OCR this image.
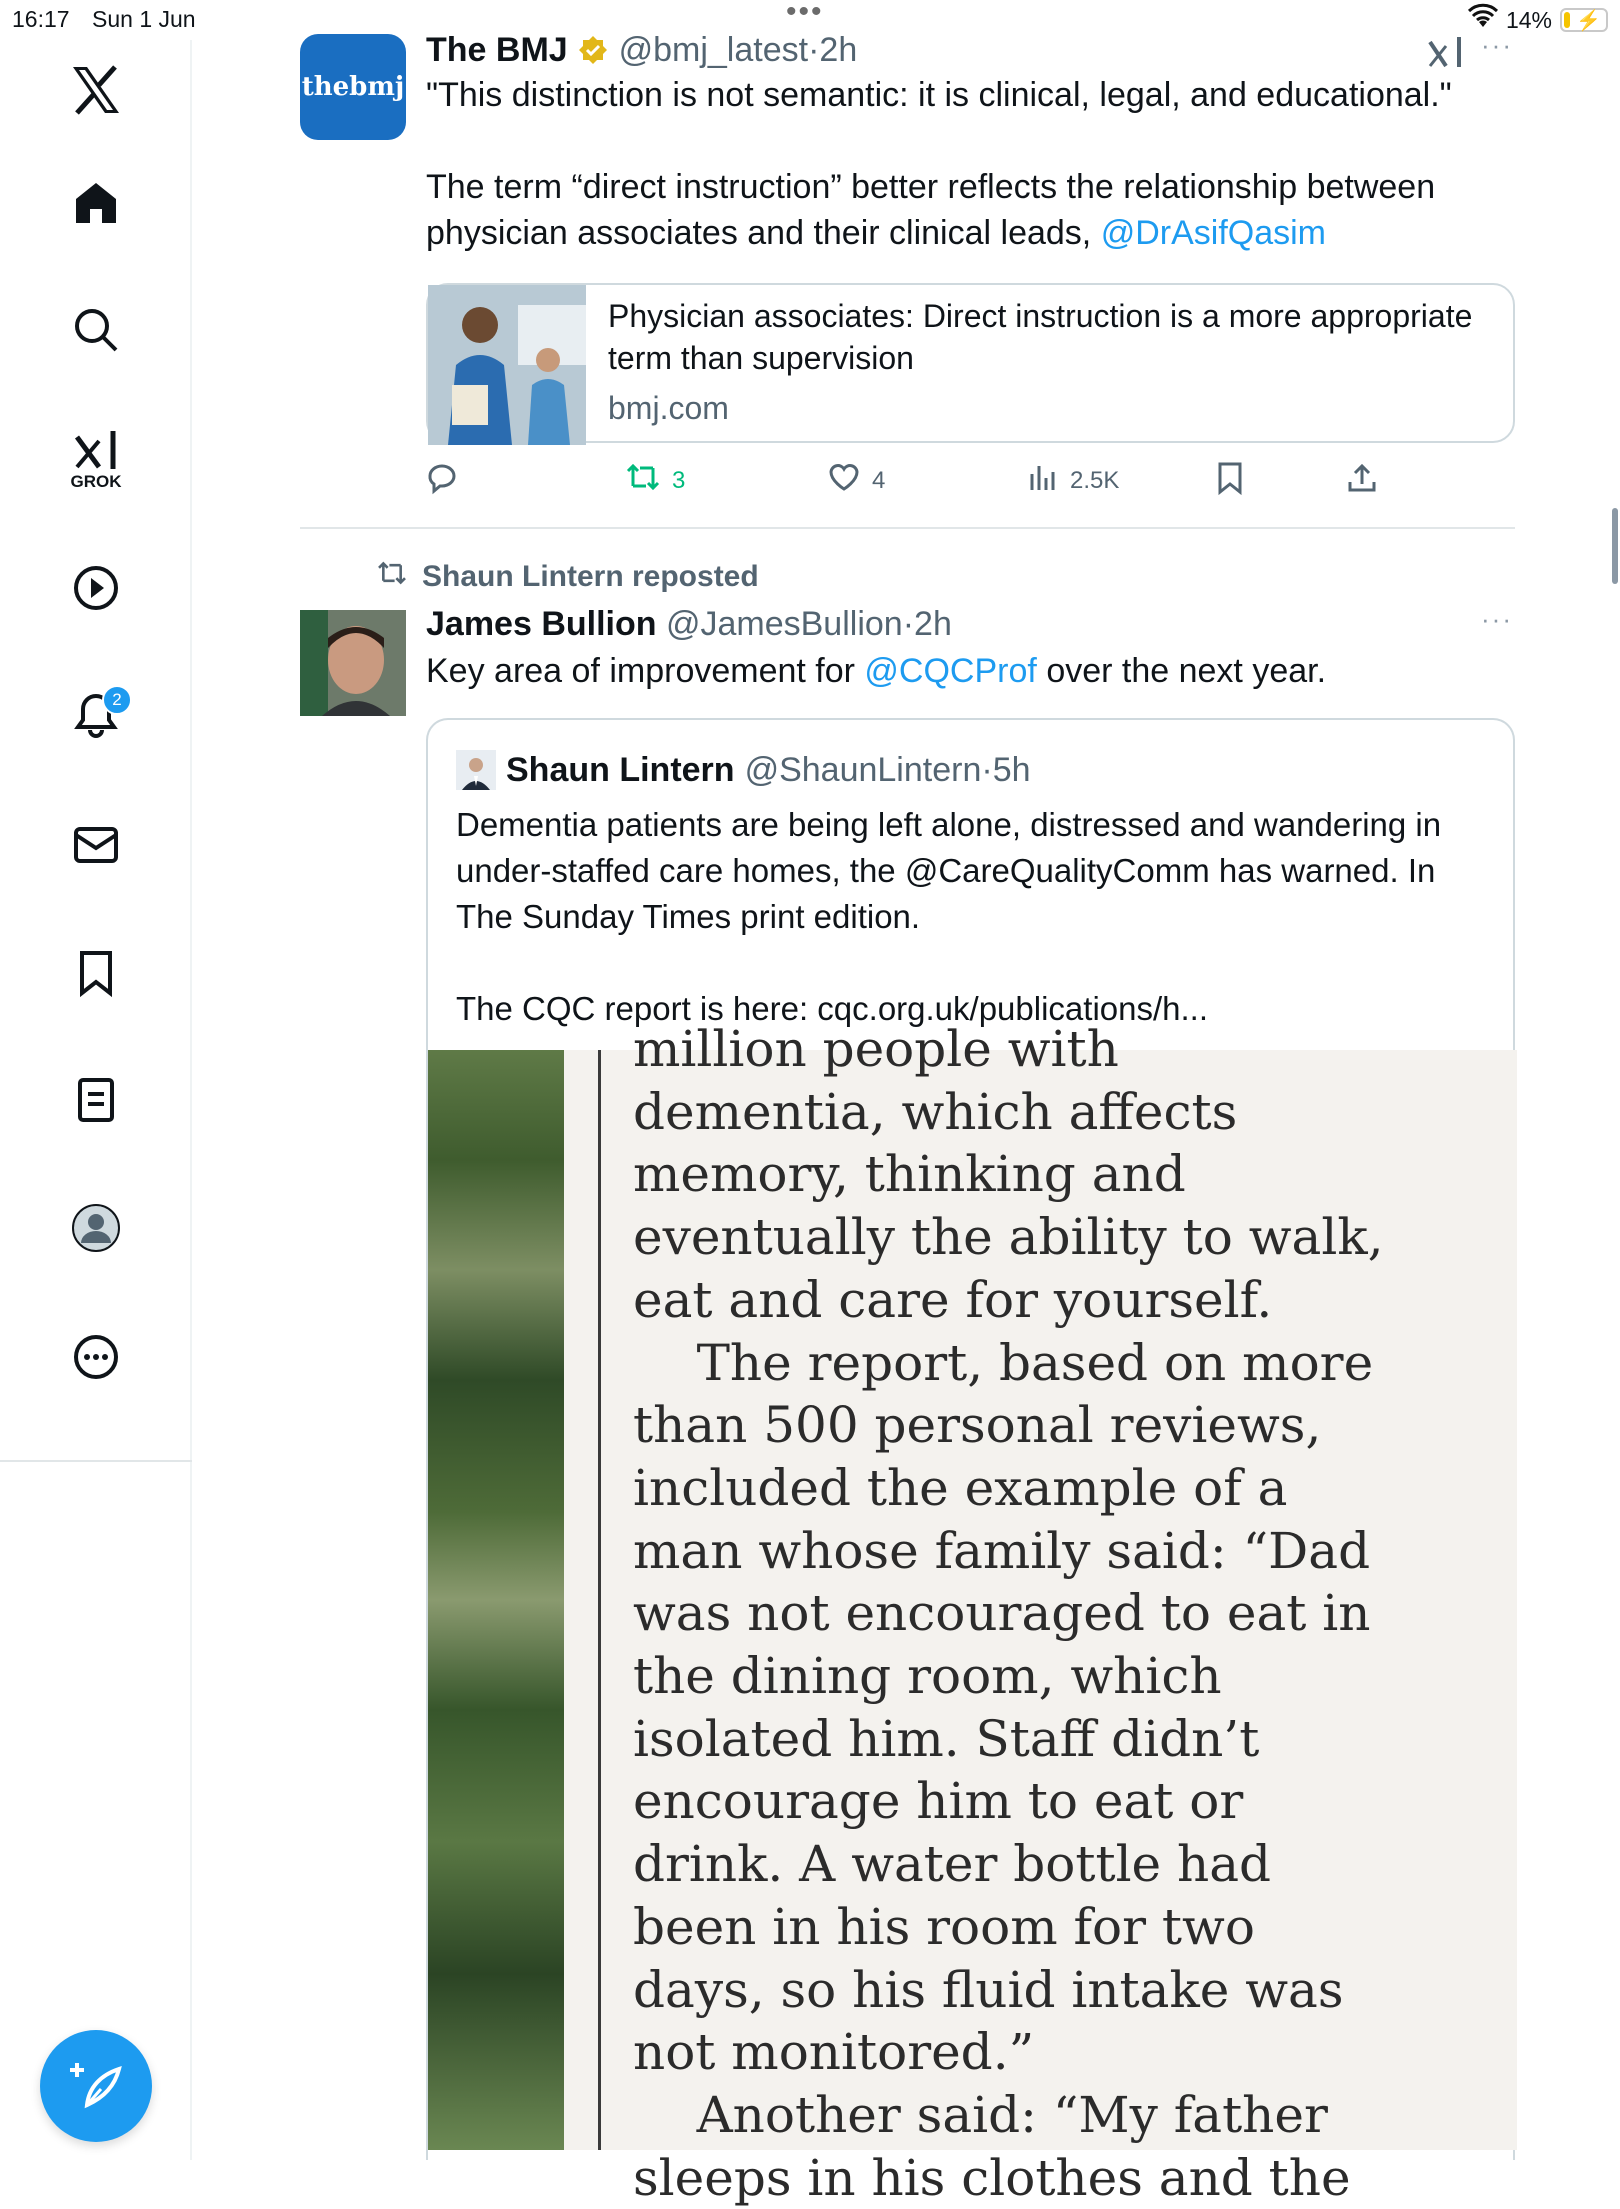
16:17 Sun 1 Jun	•••	14% ⚡
GROK
2
thebmj
The BMJ @bmj_latest·2h	···
"This distinction is not semantic: it is clinical, legal, and educational."
The term “direct instruction” better reflects the relationship between physician associates and their clinical leads, @DrAsifQasim
Physician associates: Direct instruction is a more appropriate term than supervision
bmj.com
3	4	2.5K
Shaun Lintern reposted
James Bullion @JamesBullion·2h	···
Key area of improvement for @CQCProf over the next year.
Shaun Lintern @ShaunLintern·5h
Dementia patients are being left alone, distressed and wandering in under-staffed care homes, the @CareQualityComm has warned. In The Sunday Times print edition.
The CQC report is here: cqc.org.uk/publications/h...
million people with
dementia, which affects
memory, thinking and
eventually the ability to walk,
eat and care for yourself.
The report, based on more
than 500 personal reviews,
included the example of a
man whose family said: “Dad
was not encouraged to eat in
the dining room, which
isolated him. Staff didn’t
encourage him to eat or
drink. A water bottle had
been in his room for two
days, so his fluid intake was
not monitored.”
Another said: “My father
sleeps in his clothes and the
